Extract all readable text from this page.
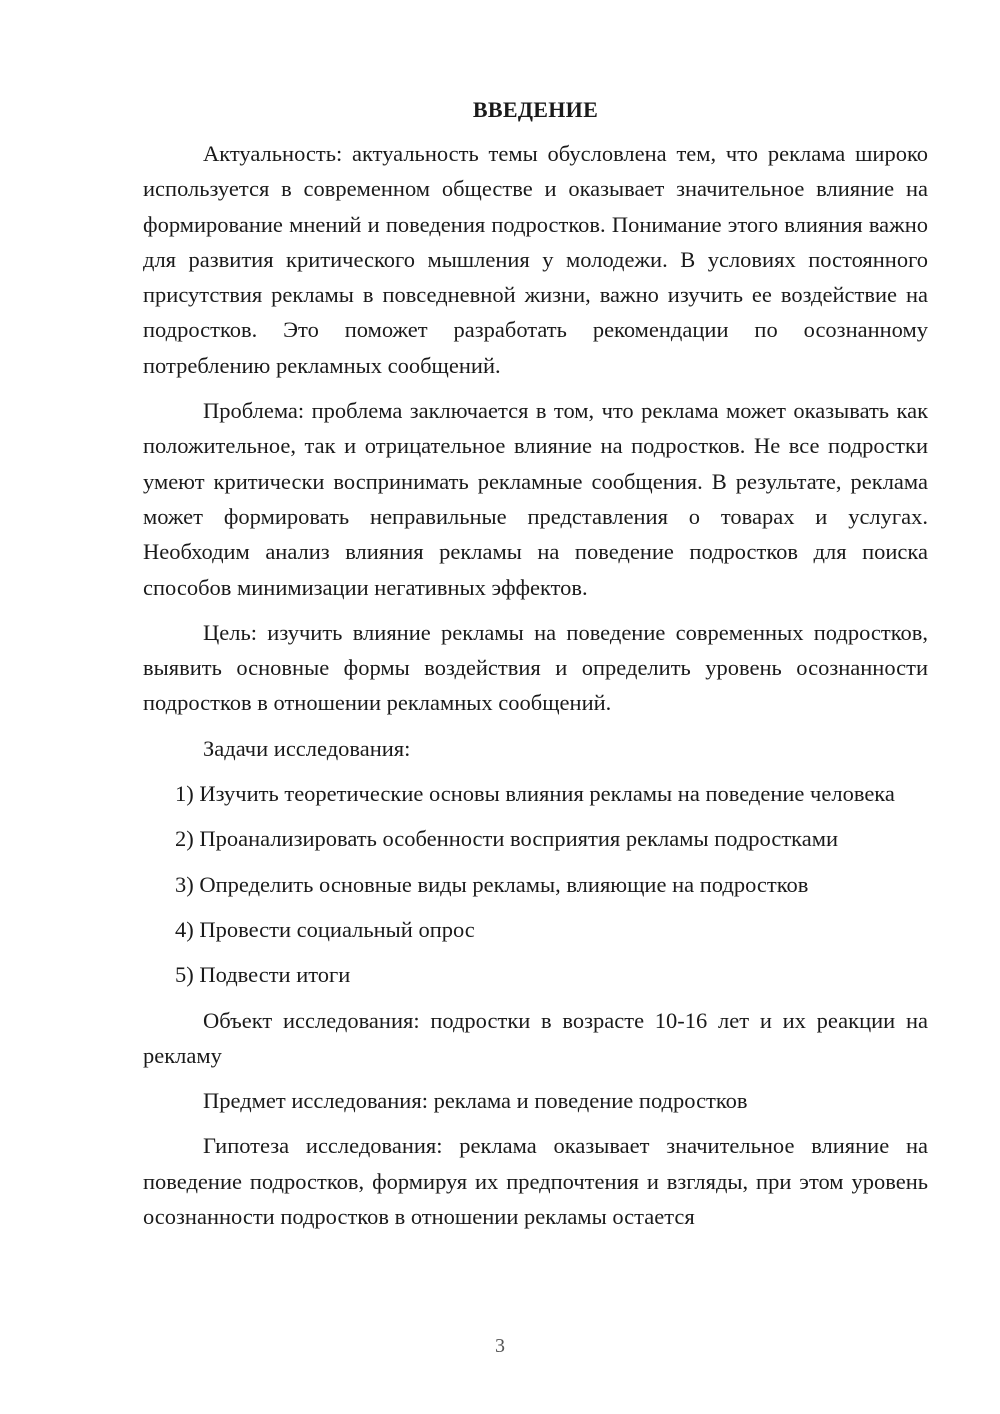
ВВЕДЕНИЕ

Актуальность: актуальность темы обусловлена тем, что реклама широко используется в современном обществе и оказывает значительное влияние на формирование мнений и поведения подростков. Понимание этого влияния важно для развития критического мышления у молодежи. В условиях постоянного присутствия рекламы в повседневной жизни, важно изучить ее воздействие на подростков. Это поможет разработать рекомендации по осознанному потреблению рекламных сообщений.

Проблема: проблема заключается в том, что реклама может оказывать как положительное, так и отрицательное влияние на подростков. Не все подростки умеют критически воспринимать рекламные сообщения. В результате, реклама может формировать неправильные представления о товарах и услугах. Необходим анализ влияния рекламы на поведение подростков для поиска способов минимизации негативных эффектов.

Цель: изучить влияние рекламы на поведение современных подростков, выявить основные формы воздействия и определить уровень осознанности подростков в отношении рекламных сообщений.

Задачи исследования:

1) Изучить теоретические основы влияния рекламы на поведение человека

2) Проанализировать особенности восприятия рекламы подростками

3) Определить основные виды рекламы, влияющие на подростков

4) Провести социальный опрос

5) Подвести итоги

Объект исследования: подростки в возрасте 10-16 лет и их реакции на рекламу

Предмет исследования: реклама и поведение подростков

Гипотеза исследования: реклама оказывает значительное влияние на поведение подростков, формируя их предпочтения и взгляды, при этом уровень осознанности подростков в отношении рекламы остается

3
